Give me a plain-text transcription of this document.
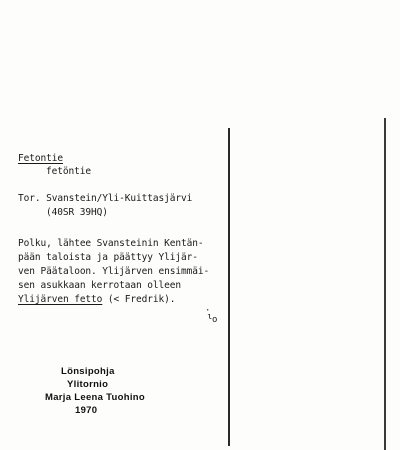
Fetontie
fetöntie
Tor. Svanstein/Yli-Kuittasjärvi
(40SR 39HQ)
Polku, lähtee Svansteinin Kentän-
pään taloista ja päättyy Ylijär-
ven Päätaloon. Ylijärven ensimmäi-
sen asukkaan kerrotaan olleen
Ylijärven fetto (< Fredrik).
·
ɩ o
Lönsipohja
Ylitornio
Marja Leena Tuohino
1970
